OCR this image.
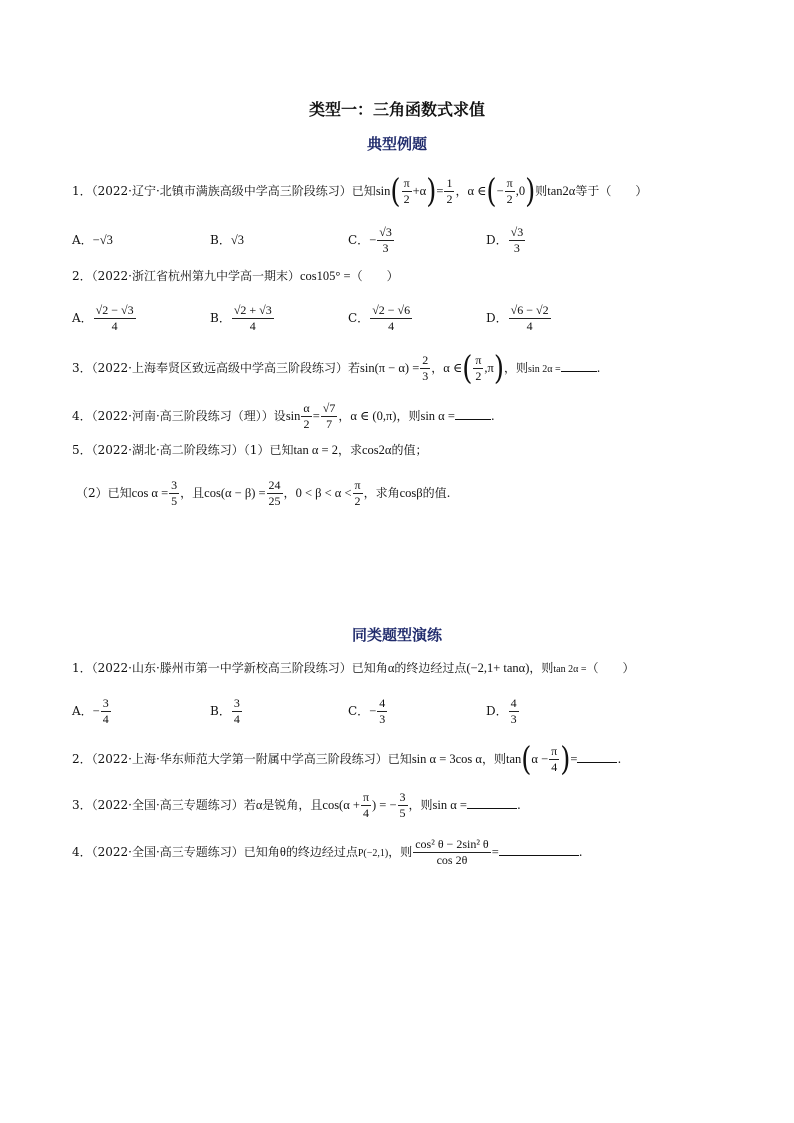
类型一：三角函数式求值
典型例题
1．（2022·辽宁·北镇市满族高级中学高三阶段练习）已知$\sin( \frac{\pi}{2} +\alpha)= \frac{1}{2}$ ，α ∈(− $\frac{\pi}{2} ,0$)则tan2α等于（　　）
A．−√3	B．√3	C．− $\frac{√3}{3}$	D． $\frac{√3}{3}$
2．（2022·浙江省杭州第九中学高一期末）cos105° =（　　）
A． $\frac{√2 - √3}{4}$	B． $\frac{√2 + √3}{4}$	C． $\frac{√2 - √6}{4}$	D． $\frac{√6 - √2}{4}$
3．（2022·上海奉贤区致远高级中学高三阶段练习）若$\sin(\pi - \alpha) = \frac{2}{3}$ ，α ∈( $\frac{\pi}{2} ,\pi$)，则sin 2α =	.
4．（2022·河南·高三阶段练习（理））设$\sin \frac{\alpha}{2} = \frac{√7}{7}$ ，α ∈ (0,π)，则sin α =	.
5．（2022·湖北·高二阶段练习）（1）已知tan α = 2，求cos2α的值；
（2）已知$\cos \alpha = \frac{3}{5}$ ，且$\cos(\alpha - \beta) = \frac{24}{25}$ ，$0 < \beta < \alpha < \frac{\pi}{2}$ ，求角cosβ的值.
同类题型演练
1．（2022·山东·滕州市第一中学新校高三阶段练习）已知角α的终边经过点(−2,1+ tanα)，则tan 2α =（　　）
A．− $\frac{3}{4}$	B． $\frac{3}{4}$	C．− $\frac{4}{3}$	D． $\frac{4}{3}$
2．（2022·上海·华东师范大学第一附属中学高三阶段练习）已知sin α = 3cos α，则$\tan(\alpha - \frac{\pi}{4}$ )=	.
3．（2022·全国·高三专题练习）若α是锐角，且$\cos(\alpha + \frac{\pi}{4}$ ) = − $\frac{3}{5}$ ，则sin α =	.
4．（2022·全国·高三专题练习）已知角θ的终边经过点P(−2,1)，则 $\frac{\text{cos² θ − 2sin² θ}}{\cos 2\theta}$ =	.
